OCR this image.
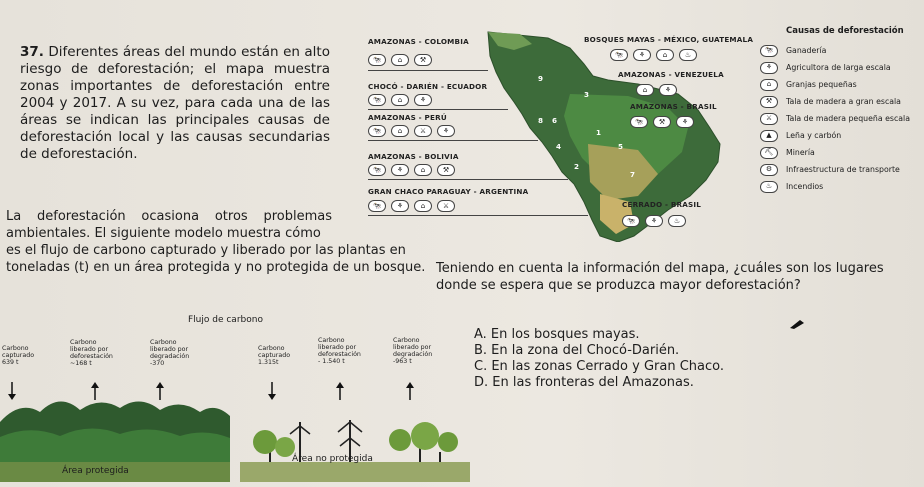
37. Diferentes áreas del mundo están en alto riesgo de deforestación; el mapa muestra zonas importantes de deforestación entre 2004 y 2017. A su vez, para cada una de las áreas se indican las principales causas de deforestación local y las causas secundarias de deforestación.
La deforestación ocasiona otros problemas ambientales. El siguiente modelo muestra cómo
es el flujo de carbono capturado y liberado por las plantas en toneladas (t) en un área protegida y no protegida de un bosque.
AMAZONAS - COLOMBIA
🐄	⌂	⚒
CHOCÓ - DARIÉN - ECUADOR
🐄	⌂	⚘
AMAZONAS - PERÚ
🐄	⌂	⚔	⚘
AMAZONAS - BOLIVIA
🐄	⚘	⌂	⚒
GRAN CHACO PARAGUAY - ARGENTINA
🐄	⚘	⌂	⚔
BOSQUES MAYAS - MÉXICO, GUATEMALA
🐄	⚘	⌂	♨
AMAZONAS - VENEZUELA
⌂	⚘
AMAZONAS - BRASIL
🐄	⚒	⚘
CERRADO - BRASIL
🐄	⚘	♨
9
3
8 6
4
2
1
5
7
Causas de deforestación
🐄	Ganadería
⚘	Agricultora de larga escala
⌂	Granjas pequeñas
⚒	Tala de madera a gran escala
⚔	Tala de madera pequeña escala
▲	Leña y carbón
⛏	Minería
⚙	Infraestructura de transporte
♨	Incendios
Teniendo en cuenta la información del mapa, ¿cuáles son los lugares donde se espera que se produzca mayor deforestación?
A. En los bosques mayas.
B. En la zona del Chocó-Darién.
C. En las zonas Cerrado y Gran Chaco.
D. En las fronteras del Amazonas.
Flujo de carbono
Carbono
capturado
639 t
Carbono
liberado por
deforestación
~168 t
Carbono
liberado por
degradación
-370
Carbono
capturado
1.315t
Carbono
liberado por
deforestación
- 1.540 t
Carbono
liberado por
degradación
-963 t
Área protegida
Área no protegida
